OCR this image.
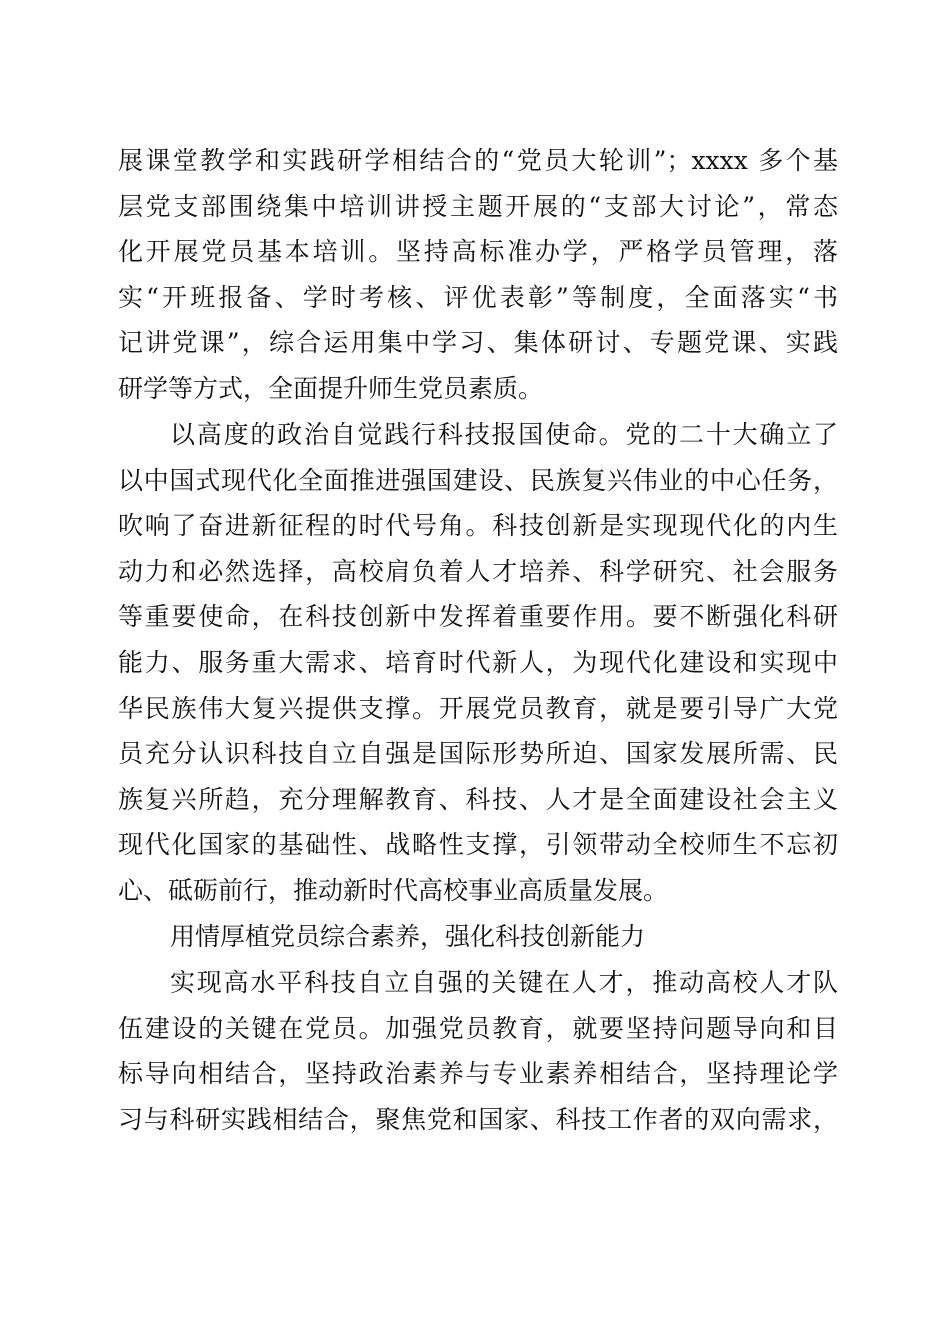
展课堂教学和实践研学相结合的“党员大轮训”；xxxx 多个基
层党支部围绕集中培训讲授主题开展的“支部大讨论”，常态
化开展党员基本培训。坚持高标准办学，严格学员管理，落
实“开班报备、学时考核、评优表彰”等制度，全面落实“书
记讲党课”，综合运用集中学习、集体研讨、专题党课、实践
研学等方式，全面提升师生党员素质。
以高度的政治自觉践行科技报国使命。党的二十大确立了
以中国式现代化全面推进强国建设、民族复兴伟业的中心任务，
吹响了奋进新征程的时代号角。科技创新是实现现代化的内生
动力和必然选择，高校肩负着人才培养、科学研究、社会服务
等重要使命，在科技创新中发挥着重要作用。要不断强化科研
能力、服务重大需求、培育时代新人，为现代化建设和实现中
华民族伟大复兴提供支撑。开展党员教育，就是要引导广大党
员充分认识科技自立自强是国际形势所迫、国家发展所需、民
族复兴所趋，充分理解教育、科技、人才是全面建设社会主义
现代化国家的基础性、战略性支撑，引领带动全校师生不忘初
心、砥砺前行，推动新时代高校事业高质量发展。
用情厚植党员综合素养，强化科技创新能力
实现高水平科技自立自强的关键在人才，推动高校人才队
伍建设的关键在党员。加强党员教育，就要坚持问题导向和目
标导向相结合，坚持政治素养与专业素养相结合，坚持理论学
习与科研实践相结合，聚焦党和国家、科技工作者的双向需求，
